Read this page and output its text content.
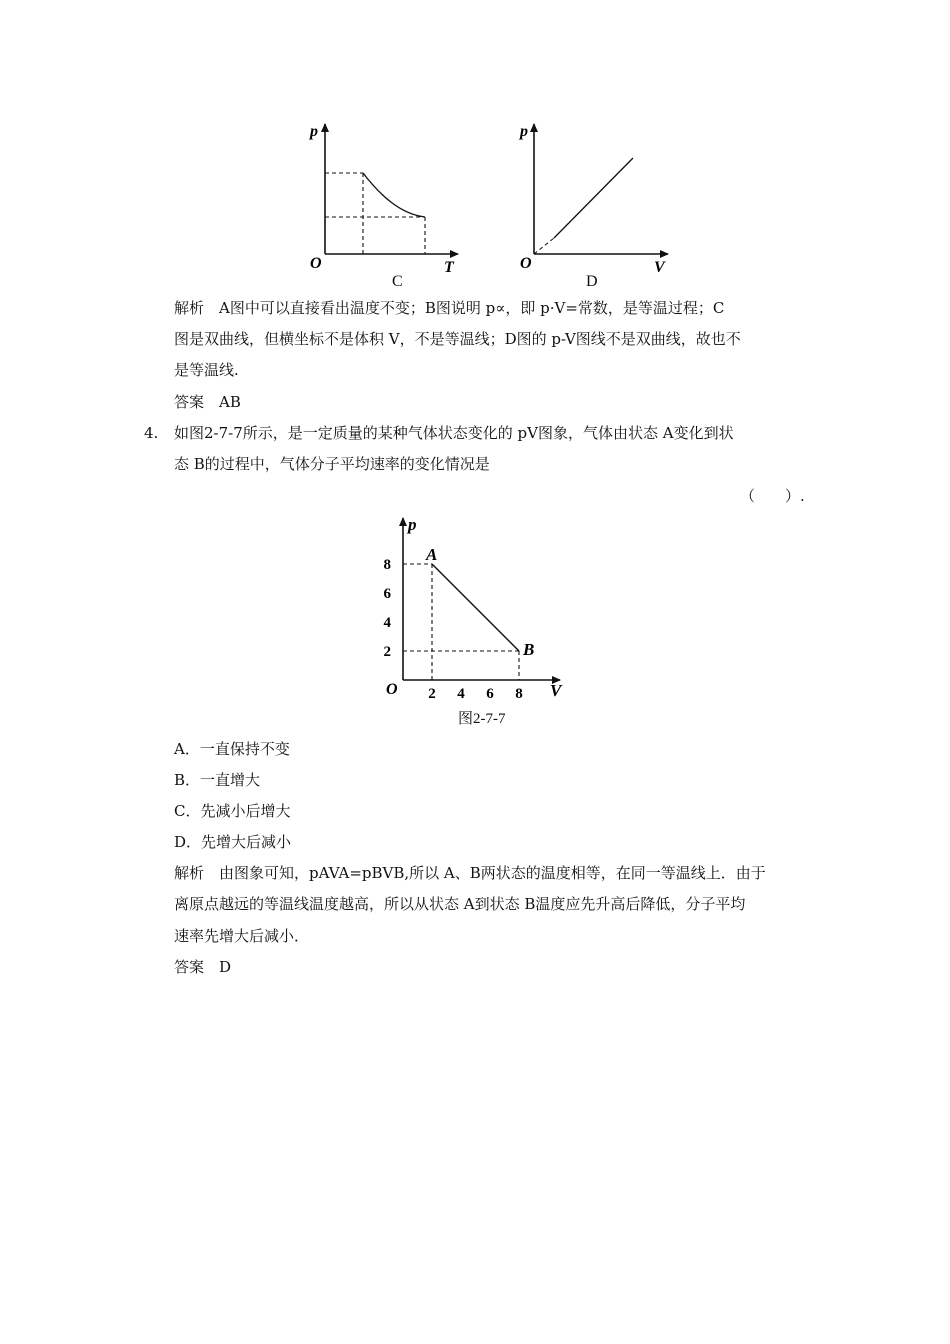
p
T
O
C
p
V
O
D
解析　A图中可以直接看出温度不变；B图说明 p∝，即 p·V=常数，是等温过程；C
图是双曲线，但横坐标不是体积 V，不是等温线；D图的 p-V图线不是双曲线，故也不
是等温线.
答案　AB
4. 如图2-7-7所示，是一定质量的某种气体状态变化的 pV图象，气体由状态 A变化到状
态 B的过程中，气体分子平均速率的变化情况是
（　　）.
p
V
O 2 4 6 8
2
4
6
8
A
B
图2-7-7
A．一直保持不变
B．一直增大
C．先减小后增大
D．先增大后减小
解析　由图象可知，pAVA=pBVB,所以 A、B两状态的温度相等，在同一等温线上．由于
离原点越远的等温线温度越高，所以从状态 A到状态 B温度应先升高后降低，分子平均
速率先增大后减小．
答案　D
